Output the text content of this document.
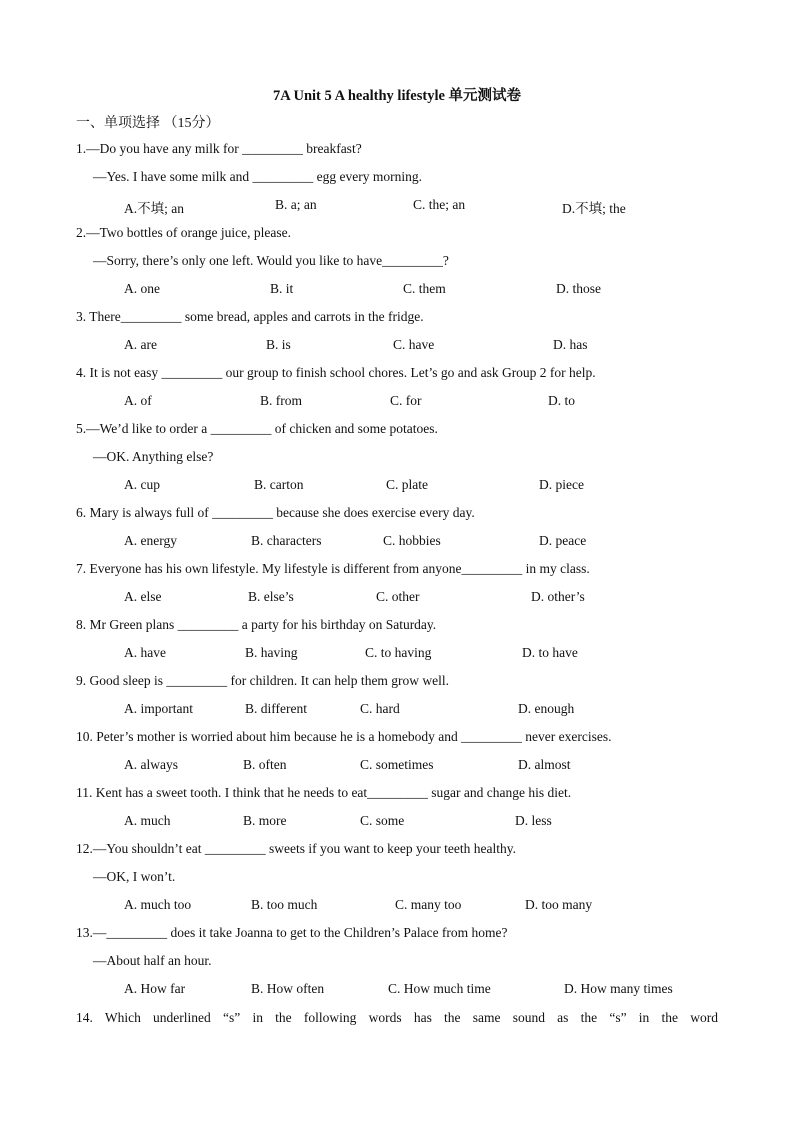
7A Unit 5 A healthy lifestyle 单元测试卷
一、单项选择 （15分）
1.—Do you have any milk for _________ breakfast?
—Yes. I have some milk and _________ egg every morning.
A.不填; an	B. a; an	C. the; an	D.不填; the
2.—Two bottles of orange juice, please.
—Sorry, there’s only one left. Would you like to have_________?
A. one	B. it	C. them	D. those
3. There_________ some bread, apples and carrots in the fridge.
A. are	B. is	C. have	D. has
4. It is not easy _________ our group to finish school chores. Let’s go and ask Group 2 for help.
A. of	B. from	C. for	D. to
5.—We’d like to order a _________ of chicken and some potatoes.
—OK. Anything else?
A. cup	B. carton	C. plate	D. piece
6. Mary is always full of _________ because she does exercise every day.
A. energy	B. characters	C. hobbies	D. peace
7. Everyone has his own lifestyle. My lifestyle is different from anyone_________ in my class.
A. else	B. else’s	C. other	D. other’s
8. Mr Green plans _________ a party for his birthday on Saturday.
A. have	B. having	C. to having	D. to have
9. Good sleep is _________ for children. It can help them grow well.
A. important	B. different	C. hard	D. enough
10. Peter’s mother is worried about him because he is a homebody and _________ never exercises.
A. always	B. often	C. sometimes	D. almost
11. Kent has a sweet tooth. I think that he needs to eat_________ sugar and change his diet.
A. much	B. more	C. some	D. less
12.—You shouldn’t eat _________ sweets if you want to keep your teeth healthy.
—OK, I won’t.
A. much too	B. too much	C. many too	D. too many
13.—_________ does it take Joanna to get to the Children’s Palace from home?
—About half an hour.
A. How far	B. How often	C. How much time	D. How many times
14. Which underlined “s” in the following words has the same sound as the “s” in the word
